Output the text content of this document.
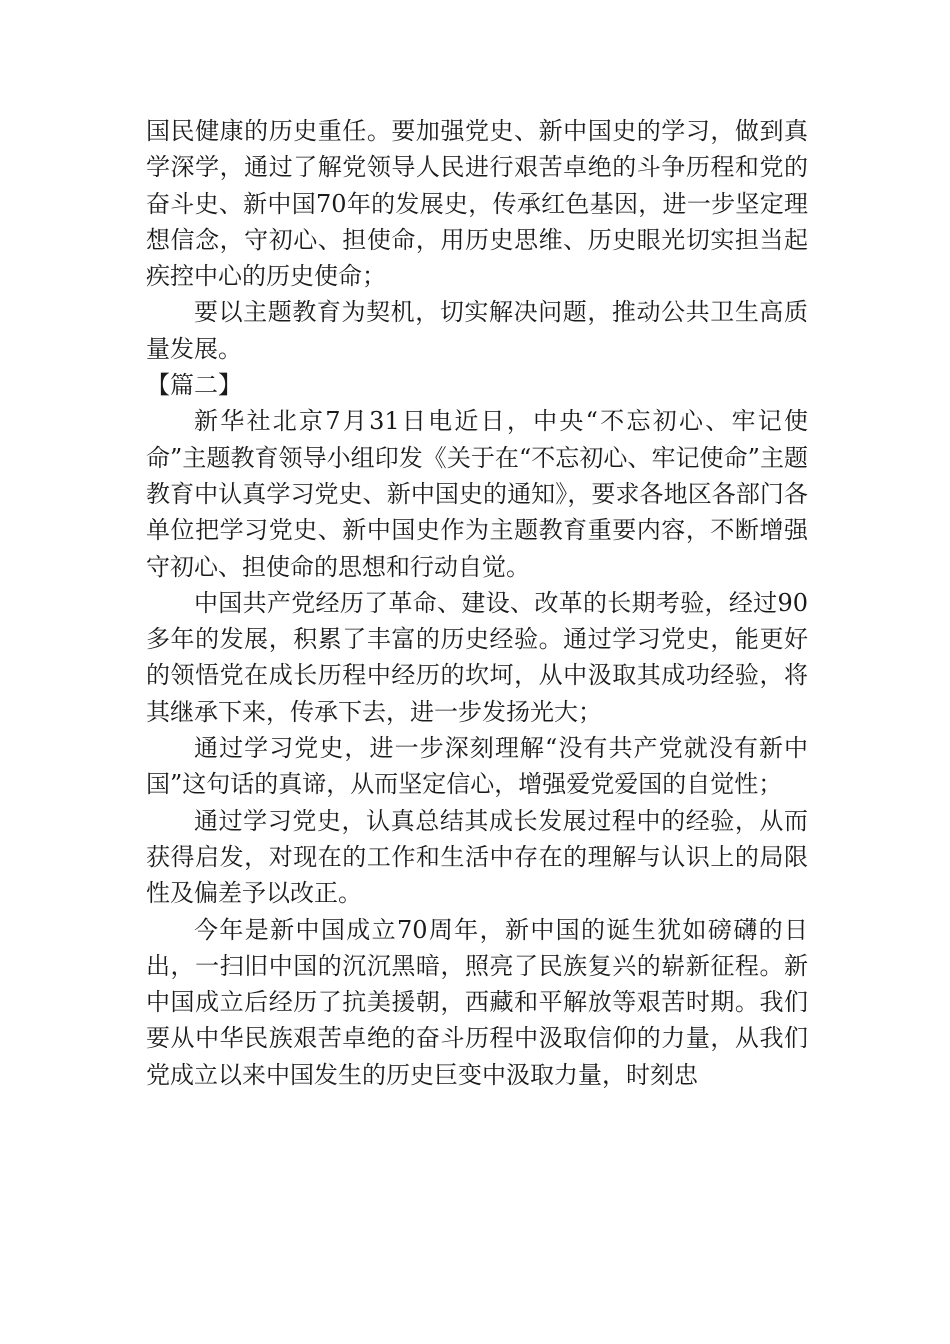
国民健康的历史重任。要加强党史、新中国史的学习，做到真学深学，通过了解党领导人民进行艰苦卓绝的斗争历程和党的奋斗史、新中国70年的发展史，传承红色基因，进一步坚定理想信念，守初心、担使命，用历史思维、历史眼光切实担当起疾控中心的历史使命；

要以主题教育为契机，切实解决问题，推动公共卫生高质量发展。

【篇二】

新华社北京7月31日电近日，中央“不忘初心、牢记使命”主题教育领导小组印发《关于在“不忘初心、牢记使命”主题教育中认真学习党史、新中国史的通知》，要求各地区各部门各单位把学习党史、新中国史作为主题教育重要内容，不断增强守初心、担使命的思想和行动自觉。

中国共产党经历了革命、建设、改革的长期考验，经过90多年的发展，积累了丰富的历史经验。通过学习党史，能更好的领悟党在成长历程中经历的坎坷，从中汲取其成功经验，将其继承下来，传承下去，进一步发扬光大；

通过学习党史，进一步深刻理解“没有共产党就没有新中国”这句话的真谛，从而坚定信心，增强爱党爱国的自觉性；

通过学习党史，认真总结其成长发展过程中的经验，从而获得启发，对现在的工作和生活中存在的理解与认识上的局限性及偏差予以改正。

今年是新中国成立70周年，新中国的诞生犹如磅礴的日出，一扫旧中国的沉沉黑暗，照亮了民族复兴的崭新征程。新中国成立后经历了抗美援朝，西藏和平解放等艰苦时期。我们要从中华民族艰苦卓绝的奋斗历程中汲取信仰的力量，从我们党成立以来中国发生的历史巨变中汲取力量，时刻忠
